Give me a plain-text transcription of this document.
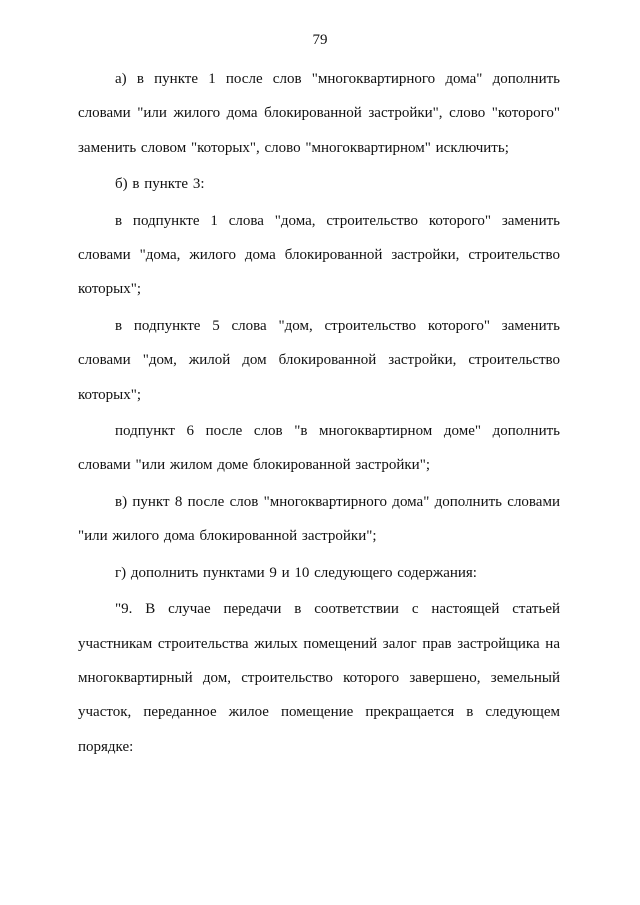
79

а) в пункте 1 после слов "многоквартирного дома" дополнить словами "или жилого дома блокированной застройки", слово "которого" заменить словом "которых", слово "многоквартирном" исключить;

б) в пункте 3:

в подпункте 1 слова "дома, строительство которого" заменить словами "дома, жилого дома блокированной застройки, строительство которых";

в подпункте 5 слова "дом, строительство которого" заменить словами "дом, жилой дом блокированной застройки, строительство которых";

подпункт 6 после слов "в многоквартирном доме" дополнить словами "или жилом доме блокированной застройки";

в) пункт 8 после слов "многоквартирного дома" дополнить словами "или жилого дома блокированной застройки";

г) дополнить пунктами 9 и 10 следующего содержания:

"9. В случае передачи в соответствии с настоящей статьей участникам строительства жилых помещений залог прав застройщика на многоквартирный дом, строительство которого завершено, земельный участок, переданное жилое помещение прекращается в следующем порядке:
